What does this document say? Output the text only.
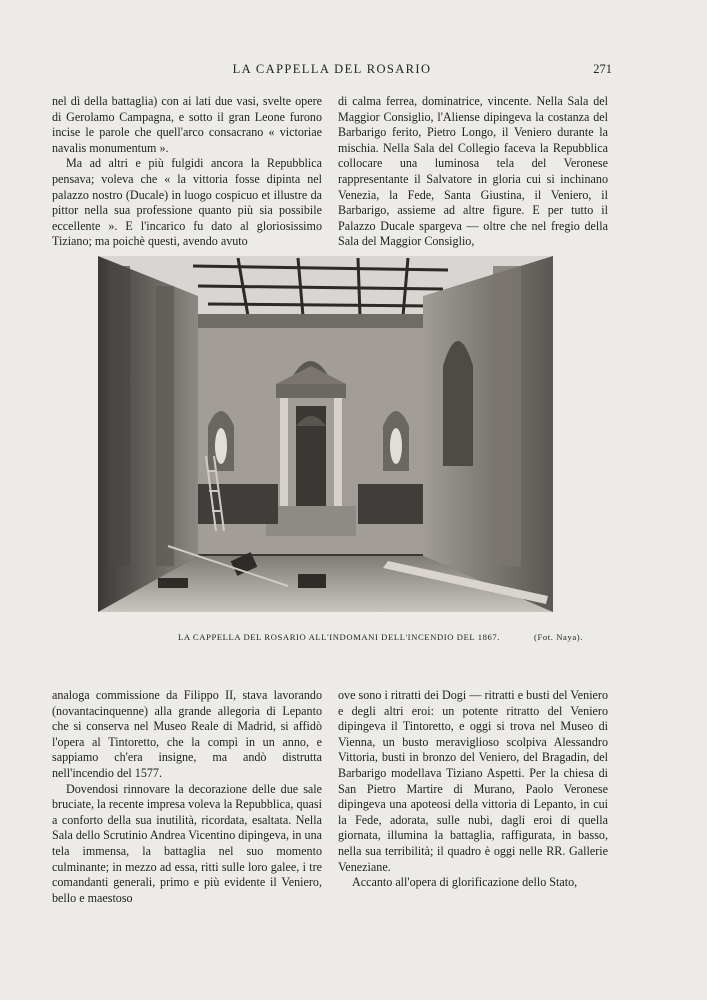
LA CAPPELLA DEL ROSARIO	271

nel dì della battaglia) con ai lati due vasi, svelte opere di Gerolamo Campagna, e sotto il gran Leone furono incise le parole che quell'arco consacrano « victoriae navalis monumentum ».

Ma ad altri e più fulgidi ancora la Repubblica pensava; voleva che « la vittoria fosse dipinta nel palazzo nostro (Ducale) in luogo cospicuo et illustre da pittor nella sua professione quanto più sia possibile eccellente ». E l'incarico fu dato al gloriosissimo Tiziano; ma poichè questi, avendo avuto

di calma ferrea, dominatrice, vincente. Nella Sala del Maggior Consiglio, l'Aliense dipingeva la costanza del Barbarigo ferito, Pietro Longo, il Veniero durante la mischia. Nella Sala del Collegio faceva la Repubblica collocare una luminosa tela del Veronese rappresentante il Salvatore in gloria cui si inchinano Venezia, la Fede, Santa Giustina, il Veniero, il Barbarigo, assieme ad altre figure. E per tutto il Palazzo Ducale spargeva — oltre che nel fregio della Sala del Maggior Consiglio,

LA CAPPELLA DEL ROSARIO ALL'INDOMANI DELL'INCENDIO DEL 1867.	(Fot. Naya).

analoga commissione da Filippo II, stava lavorando (novantacinquenne) alla grande allegoria di Lepanto che si conserva nel Museo Reale di Madrid, si affidò l'opera al Tintoretto, che la compì in un anno, e sappiamo ch'era insigne, ma andò distrutta nell'incendio del 1577.

Dovendosi rinnovare la decorazione delle due sale bruciate, la recente impresa voleva la Repubblica, quasi a conforto della sua inutilità, ricordata, esaltata. Nella Sala dello Scrutinio Andrea Vicentino dipingeva, in una tela immensa, la battaglia nel suo momento culminante; in mezzo ad essa, ritti sulle loro galee, i tre comandanti generali, primo e più evidente il Veniero, bello e maestoso

ove sono i ritratti dei Dogi — ritratti e busti del Veniero e degli altri eroi: un potente ritratto del Veniero dipingeva il Tintoretto, e oggi si trova nel Museo di Vienna, un busto meraviglioso scolpiva Alessandro Vittoria, busti in bronzo del Veniero, del Bragadin, del Barbarigo modellava Tiziano Aspetti. Per la chiesa di San Pietro Martire di Murano, Paolo Veronese dipingeva una apoteosi della vittoria di Lepanto, in cui la Fede, adorata, sulle nubi, dagli eroi di quella giornata, illumina la battaglia, raffigurata, in basso, nella sua terribilità; il quadro è oggi nelle RR. Gallerie Veneziane.

Accanto all'opera di glorificazione dello Stato,
